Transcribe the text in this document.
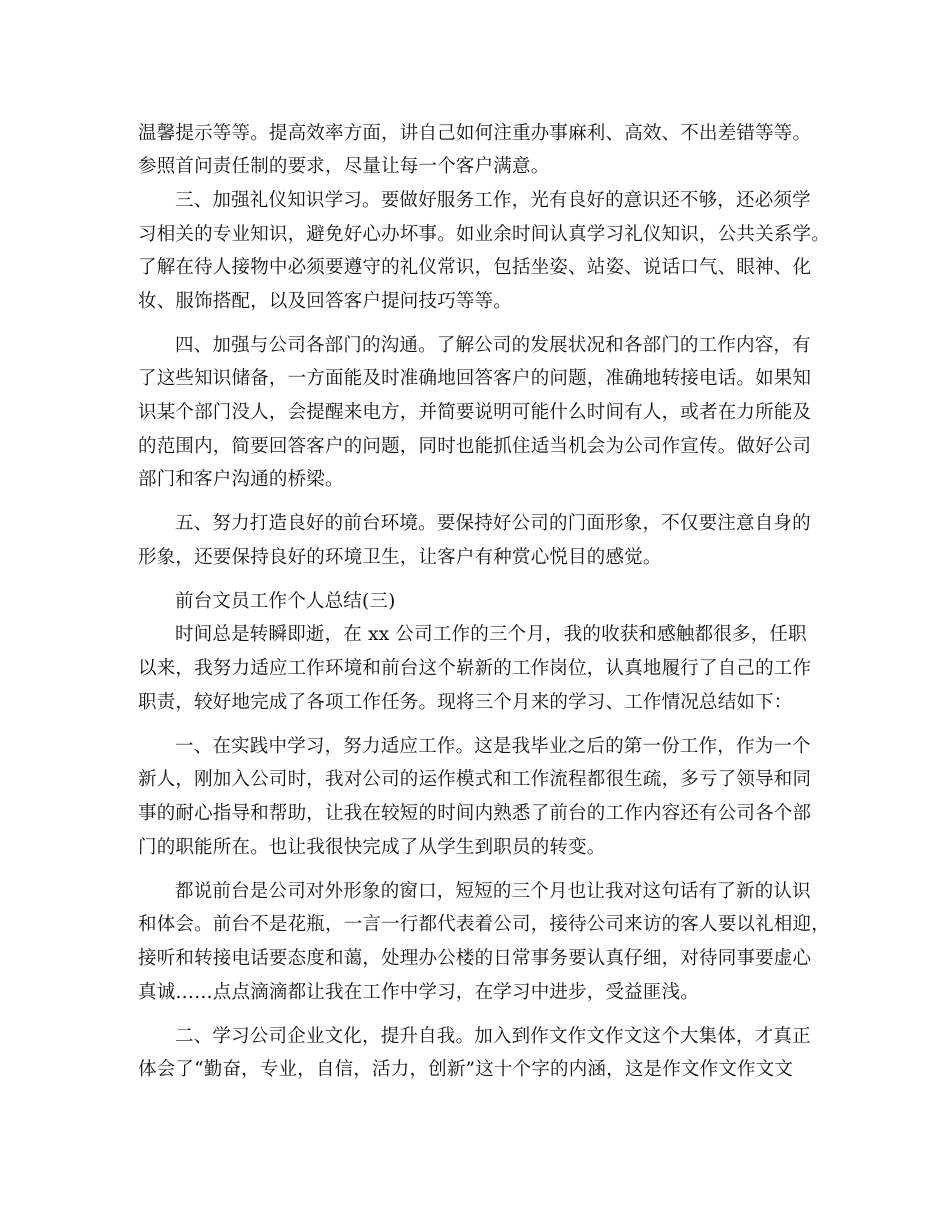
温馨提示等等。提高效率方面，讲自己如何注重办事麻利、高效、不出差错等等。
参照首问责任制的要求，尽量让每一个客户满意。
三、加强礼仪知识学习。要做好服务工作，光有良好的意识还不够，还必须学
习相关的专业知识，避免好心办坏事。如业余时间认真学习礼仪知识，公共关系学。
了解在待人接物中必须要遵守的礼仪常识，包括坐姿、站姿、说话口气、眼神、化
妆、服饰搭配，以及回答客户提问技巧等等。
四、加强与公司各部门的沟通。了解公司的发展状况和各部门的工作内容，有
了这些知识储备，一方面能及时准确地回答客户的问题，准确地转接电话。如果知
识某个部门没人，会提醒来电方，并简要说明可能什么时间有人，或者在力所能及
的范围内，简要回答客户的问题，同时也能抓住适当机会为公司作宣传。做好公司
部门和客户沟通的桥梁。
五、努力打造良好的前台环境。要保持好公司的门面形象，不仅要注意自身的
形象，还要保持良好的环境卫生，让客户有种赏心悦目的感觉。
前台文员工作个人总结(三)
时间总是转瞬即逝，在 xx 公司工作的三个月，我的收获和感触都很多，任职
以来，我努力适应工作环境和前台这个崭新的工作岗位，认真地履行了自己的工作
职责，较好地完成了各项工作任务。现将三个月来的学习、工作情况总结如下：
一、在实践中学习，努力适应工作。这是我毕业之后的第一份工作，作为一个
新人，刚加入公司时，我对公司的运作模式和工作流程都很生疏，多亏了领导和同
事的耐心指导和帮助，让我在较短的时间内熟悉了前台的工作内容还有公司各个部
门的职能所在。也让我很快完成了从学生到职员的转变。
都说前台是公司对外形象的窗口，短短的三个月也让我对这句话有了新的认识
和体会。前台不是花瓶，一言一行都代表着公司，接待公司来访的客人要以礼相迎，
接听和转接电话要态度和蔼，处理办公楼的日常事务要认真仔细，对待同事要虚心
真诚……点点滴滴都让我在工作中学习，在学习中进步，受益匪浅。
二、学习公司企业文化，提升自我。加入到作文作文作文这个大集体，才真正
体会了“勤奋，专业，自信，活力，创新”这十个字的内涵，这是作文作文作文文
